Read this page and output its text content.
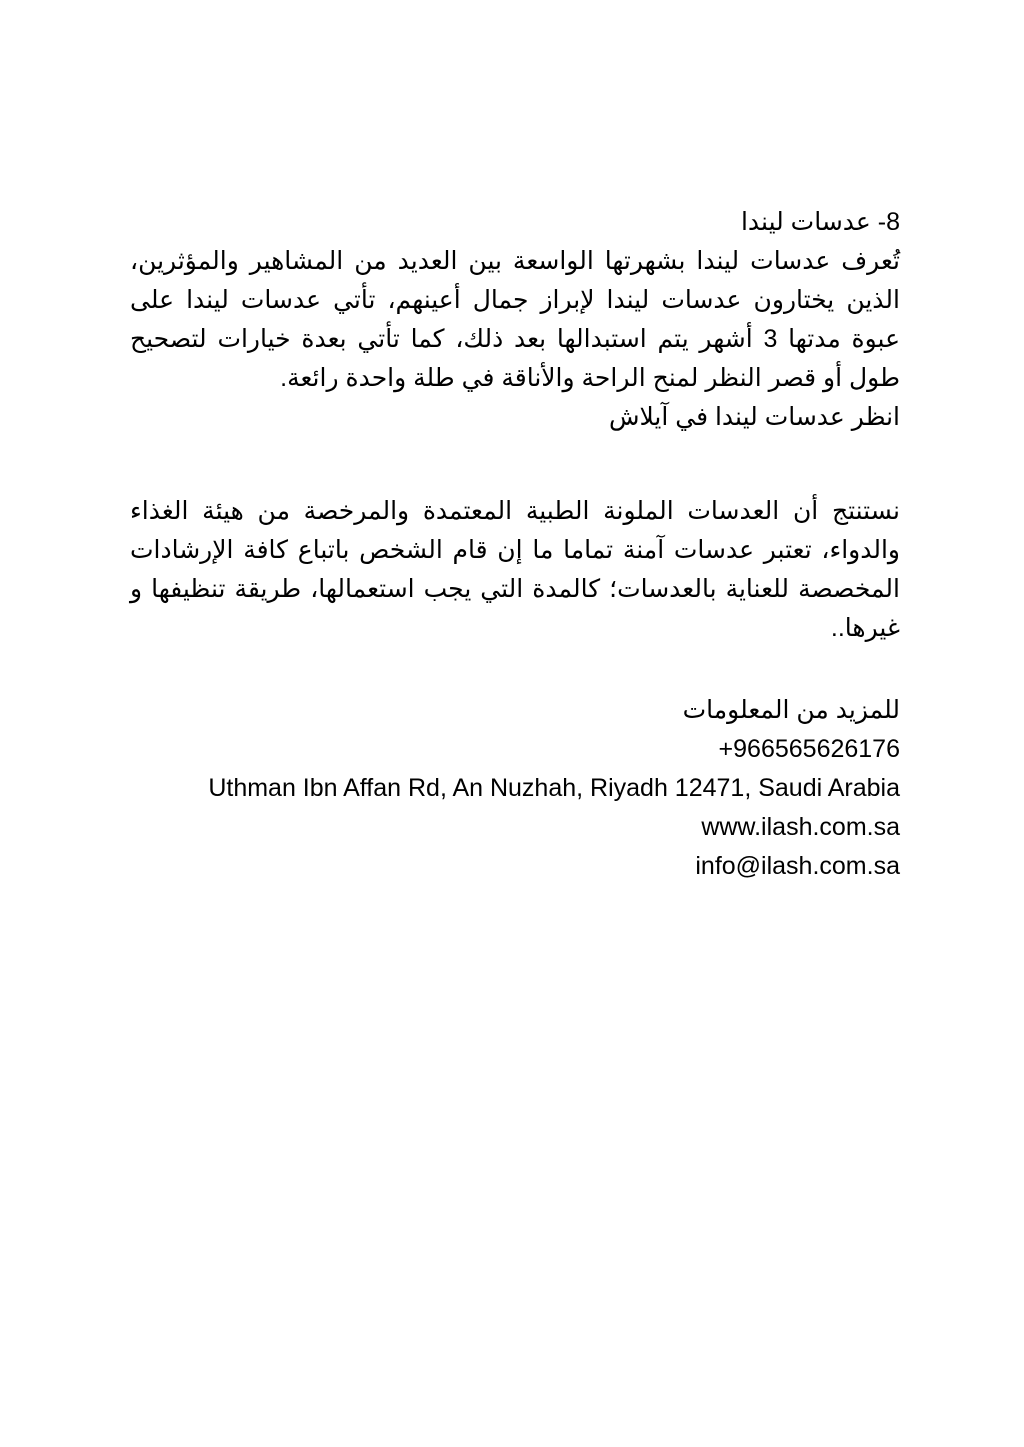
8- عدسات ليندا

تُعرف عدسات ليندا بشهرتها الواسعة بين العديد من المشاهير والمؤثرين، الذين يختارون عدسات ليندا لإبراز جمال أعينهم، تأتي عدسات ليندا على عبوة مدتها 3 أشهر يتم استبدالها بعد ذلك، كما تأتي بعدة خيارات لتصحيح طول أو قصر النظر لمنح الراحة والأناقة في طلة واحدة رائعة.

انظر عدسات ليندا في آيلاش

نستنتج أن العدسات الملونة الطبية المعتمدة والمرخصة من هيئة الغذاء والدواء، تعتبر عدسات آمنة تماما ما إن قام الشخص باتباع كافة الإرشادات المخصصة للعناية بالعدسات؛ كالمدة التي يجب استعمالها، طريقة تنظيفها و غيرها..

للمزيد من المعلومات

+966565626176

Uthman Ibn Affan Rd, An Nuzhah, Riyadh 12471, Saudi Arabia

www.ilash.com.sa

info@ilash.com.sa
